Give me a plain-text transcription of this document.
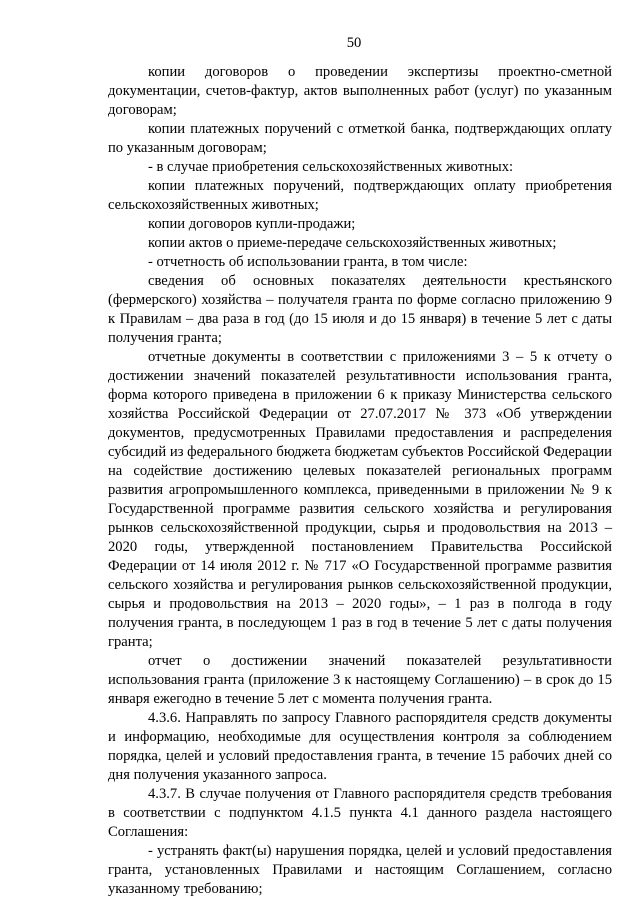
50

копии договоров о проведении экспертизы проектно-сметной документации, счетов-фактур, актов выполненных работ (услуг) по указанным договорам;

копии платежных поручений с отметкой банка, подтверждающих оплату по указанным договорам;

- в случае приобретения сельскохозяйственных животных:

копии платежных поручений, подтверждающих оплату приобретения сельскохозяйственных животных;

копии договоров купли-продажи;

копии актов о приеме-передаче сельскохозяйственных животных;

- отчетность об использовании гранта, в том числе:

сведения об основных показателях деятельности крестьянского (фермерского) хозяйства – получателя гранта по форме согласно приложению 9 к Правилам – два раза в год (до 15 июля и до 15 января) в течение 5 лет с даты получения гранта;

отчетные документы в соответствии с приложениями 3 – 5 к отчету о достижении значений показателей результативности использования гранта, форма которого приведена в приложении 6 к приказу Министерства сельского хозяйства Российской Федерации от 27.07.2017 № 373 «Об утверждении документов, предусмотренных Правилами предоставления и распределения субсидий из федерального бюджета бюджетам субъектов Российской Федерации на содействие достижению целевых показателей региональных программ развития агропромышленного комплекса, приведенными в приложении № 9 к Государственной программе развития сельского хозяйства и регулирования рынков сельскохозяйственной продукции, сырья и продовольствия на 2013 – 2020 годы, утвержденной постановлением Правительства Российской Федерации от 14 июля 2012 г. № 717 «О Государственной программе развития сельского хозяйства и регулирования рынков сельскохозяйственной продукции, сырья и продовольствия на 2013 – 2020 годы», – 1 раз в полгода в году получения гранта, в последующем 1 раз в год в течение 5 лет с даты получения гранта;

отчет о достижении значений показателей результативности использования гранта (приложение 3 к настоящему Соглашению) – в срок до 15 января ежегодно в течение 5 лет с момента получения гранта.

4.3.6. Направлять по запросу Главного распорядителя средств документы и информацию, необходимые для осуществления контроля за соблюдением порядка, целей и условий предоставления гранта, в течение 15 рабочих дней со дня получения указанного запроса.

4.3.7. В случае получения от Главного распорядителя средств требования в соответствии с подпунктом 4.1.5 пункта 4.1 данного раздела настоящего Соглашения:

- устранять факт(ы) нарушения порядка, целей и условий предоставления гранта, установленных Правилами и настоящим Соглашением, согласно указанному требованию;
